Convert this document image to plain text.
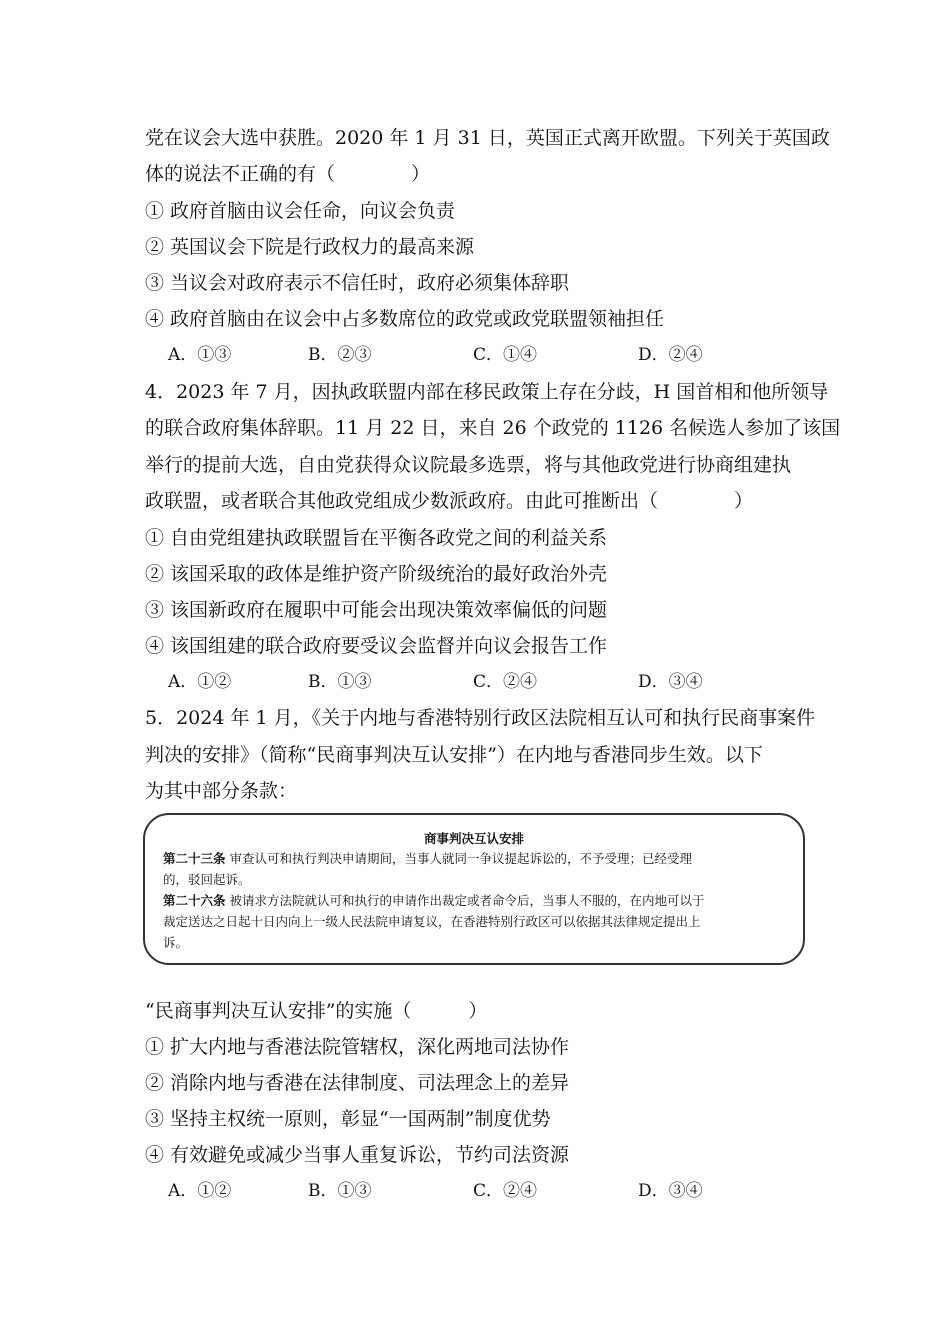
党在议会大选中获胜。2020 年 1 月 31 日，英国正式离开欧盟。下列关于英国政
体的说法不正确的有（　　　　）
① 政府首脑由议会任命，向议会负责
② 英国议会下院是行政权力的最高来源
③ 当议会对政府表示不信任时，政府必须集体辞职
④ 政府首脑由在议会中占多数席位的政党或政党联盟领袖担任
A．①③	B．②③	C．①④	D．②④
4．2023 年 7 月，因执政联盟内部在移民政策上存在分歧，H 国首相和他所领导
的联合政府集体辞职。11 月 22 日，来自 26 个政党的 1126 名候选人参加了该国
举行的提前大选，自由党获得众议院最多选票，将与其他政党进行协商组建执
政联盟，或者联合其他政党组成少数派政府。由此可推断出（　　　　）
① 自由党组建执政联盟旨在平衡各政党之间的利益关系
② 该国采取的政体是维护资产阶级统治的最好政治外壳
③ 该国新政府在履职中可能会出现决策效率偏低的问题
④ 该国组建的联合政府要受议会监督并向议会报告工作
A．①②	B．①③	C．②④	D．③④
5．2024 年 1 月，《关于内地与香港特别行政区法院相互认可和执行民商事案件
判决的安排》（简称“民商事判决互认安排”）在内地与香港同步生效。以下
为其中部分条款：
商事判决互认安排
第二十三条 审查认可和执行判决申请期间，当事人就同一争议提起诉讼的，不予受理；已经受理
的，驳回起诉。
第二十六条 被请求方法院就认可和执行的申请作出裁定或者命令后，当事人不服的，在内地可以于
裁定送达之日起十日内向上一级人民法院申请复议，在香港特别行政区可以依据其法律规定提出上
诉。
“民商事判决互认安排”的实施（　　　）
① 扩大内地与香港法院管辖权，深化两地司法协作
② 消除内地与香港在法律制度、司法理念上的差异
③ 坚持主权统一原则，彰显“一国两制”制度优势
④ 有效避免或减少当事人重复诉讼，节约司法资源
A．①②	B．①③	C．②④	D．③④
